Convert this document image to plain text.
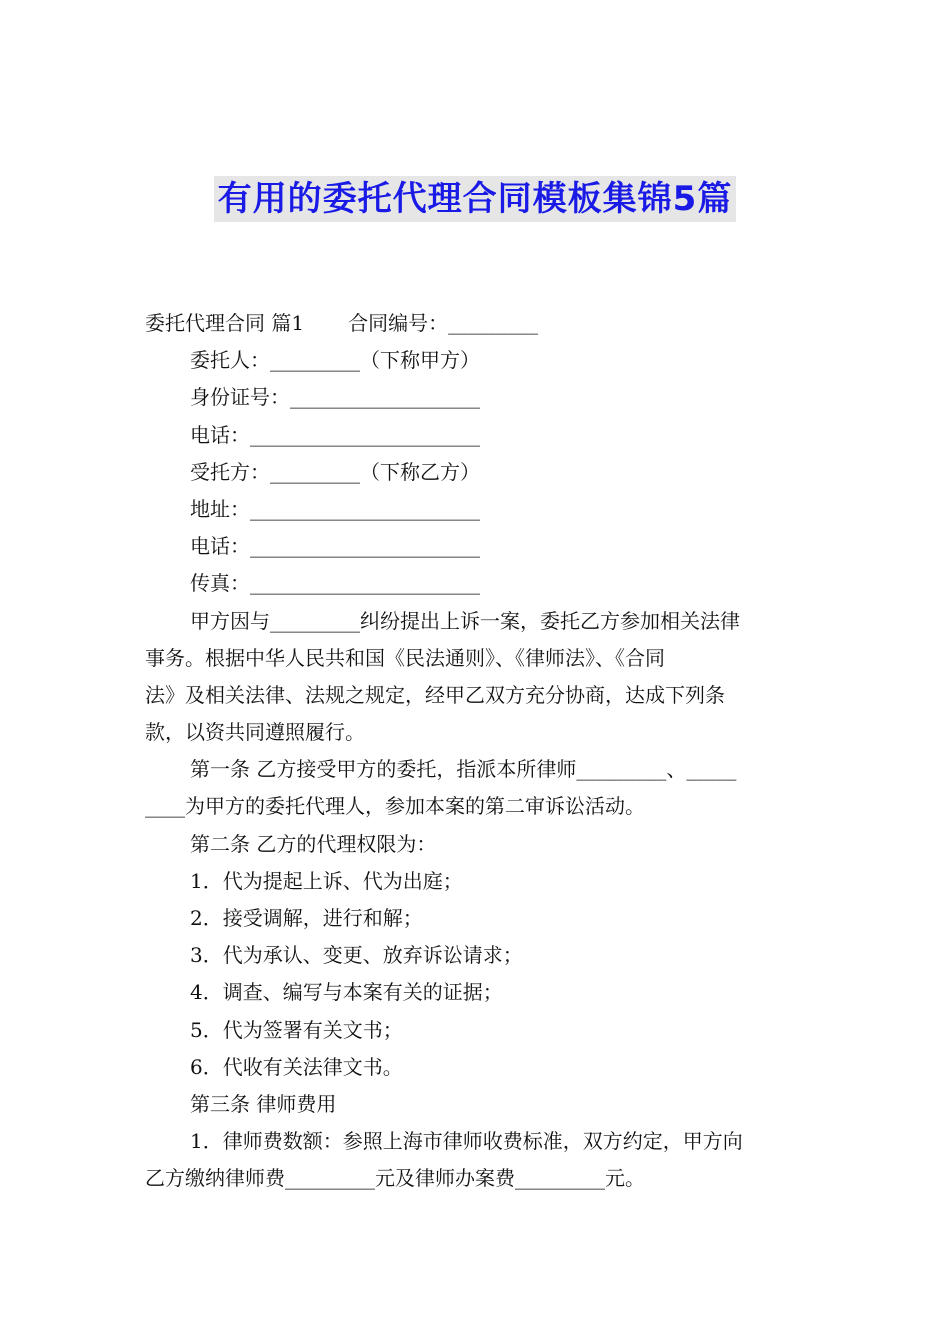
有用的委托代理合同模板集锦5篇
委托代理合同 篇1 合同编号：_________
委托人：_________（下称甲方）
身份证号：___________________
电话：_______________________
受托方：_________（下称乙方）
地址：_______________________
电话：_______________________
传真：_______________________
甲方因与_________纠纷提出上诉一案，委托乙方参加相关法律
事务。根据中华人民共和国《民法通则》、《律师法》、《合同
法》及相关法律、法规之规定，经甲乙双方充分协商，达成下列条
款，以资共同遵照履行。
第一条 乙方接受甲方的委托，指派本所律师_________、_____
____为甲方的委托代理人，参加本案的第二审诉讼活动。
第二条 乙方的代理权限为：
1．代为提起上诉、代为出庭；
2．接受调解，进行和解；
3．代为承认、变更、放弃诉讼请求；
4．调查、编写与本案有关的证据；
5．代为签署有关文书；
6．代收有关法律文书。
第三条 律师费用
1．律师费数额：参照上海市律师收费标准，双方约定，甲方向
乙方缴纳律师费_________元及律师办案费_________元。
